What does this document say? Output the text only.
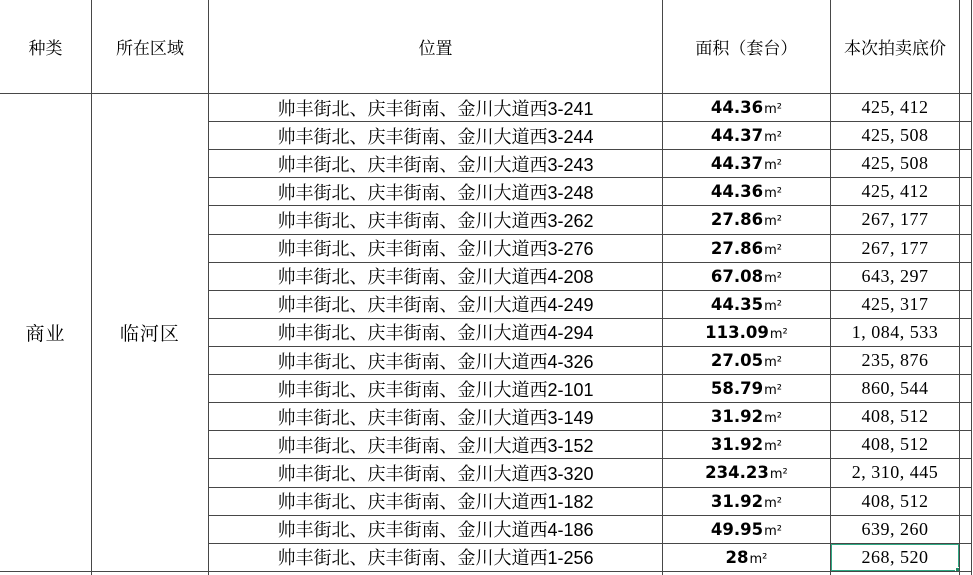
种类	所在区域	位置	面积（套台）	本次拍卖底价	
商业	临河区	帅丰街北、庆丰街南、金川大道西3-241	44.36m²	425, 412	
		帅丰街北、庆丰街南、金川大道西3-244	44.37m²	425, 508	
		帅丰街北、庆丰街南、金川大道西3-243	44.37m²	425, 508	
		帅丰街北、庆丰街南、金川大道西3-248	44.36m²	425, 412	
		帅丰街北、庆丰街南、金川大道西3-262	27.86m²	267, 177	
		帅丰街北、庆丰街南、金川大道西3-276	27.86m²	267, 177	
		帅丰街北、庆丰街南、金川大道西4-208	67.08m²	643, 297	
		帅丰街北、庆丰街南、金川大道西4-249	44.35m²	425, 317	
		帅丰街北、庆丰街南、金川大道西4-294	113.09m²	1, 084, 533	
		帅丰街北、庆丰街南、金川大道西4-326	27.05m²	235, 876	
		帅丰街北、庆丰街南、金川大道西2-101	58.79m²	860, 544	
		帅丰街北、庆丰街南、金川大道西3-149	31.92m²	408, 512	
		帅丰街北、庆丰街南、金川大道西3-152	31.92m²	408, 512	
		帅丰街北、庆丰街南、金川大道西3-320	234.23m²	2, 310, 445	
		帅丰街北、庆丰街南、金川大道西1-182	31.92m²	408, 512	
		帅丰街北、庆丰街南、金川大道西4-186	49.95m²	639, 260	
		帅丰街北、庆丰街南、金川大道西1-256	28m²	268, 520
